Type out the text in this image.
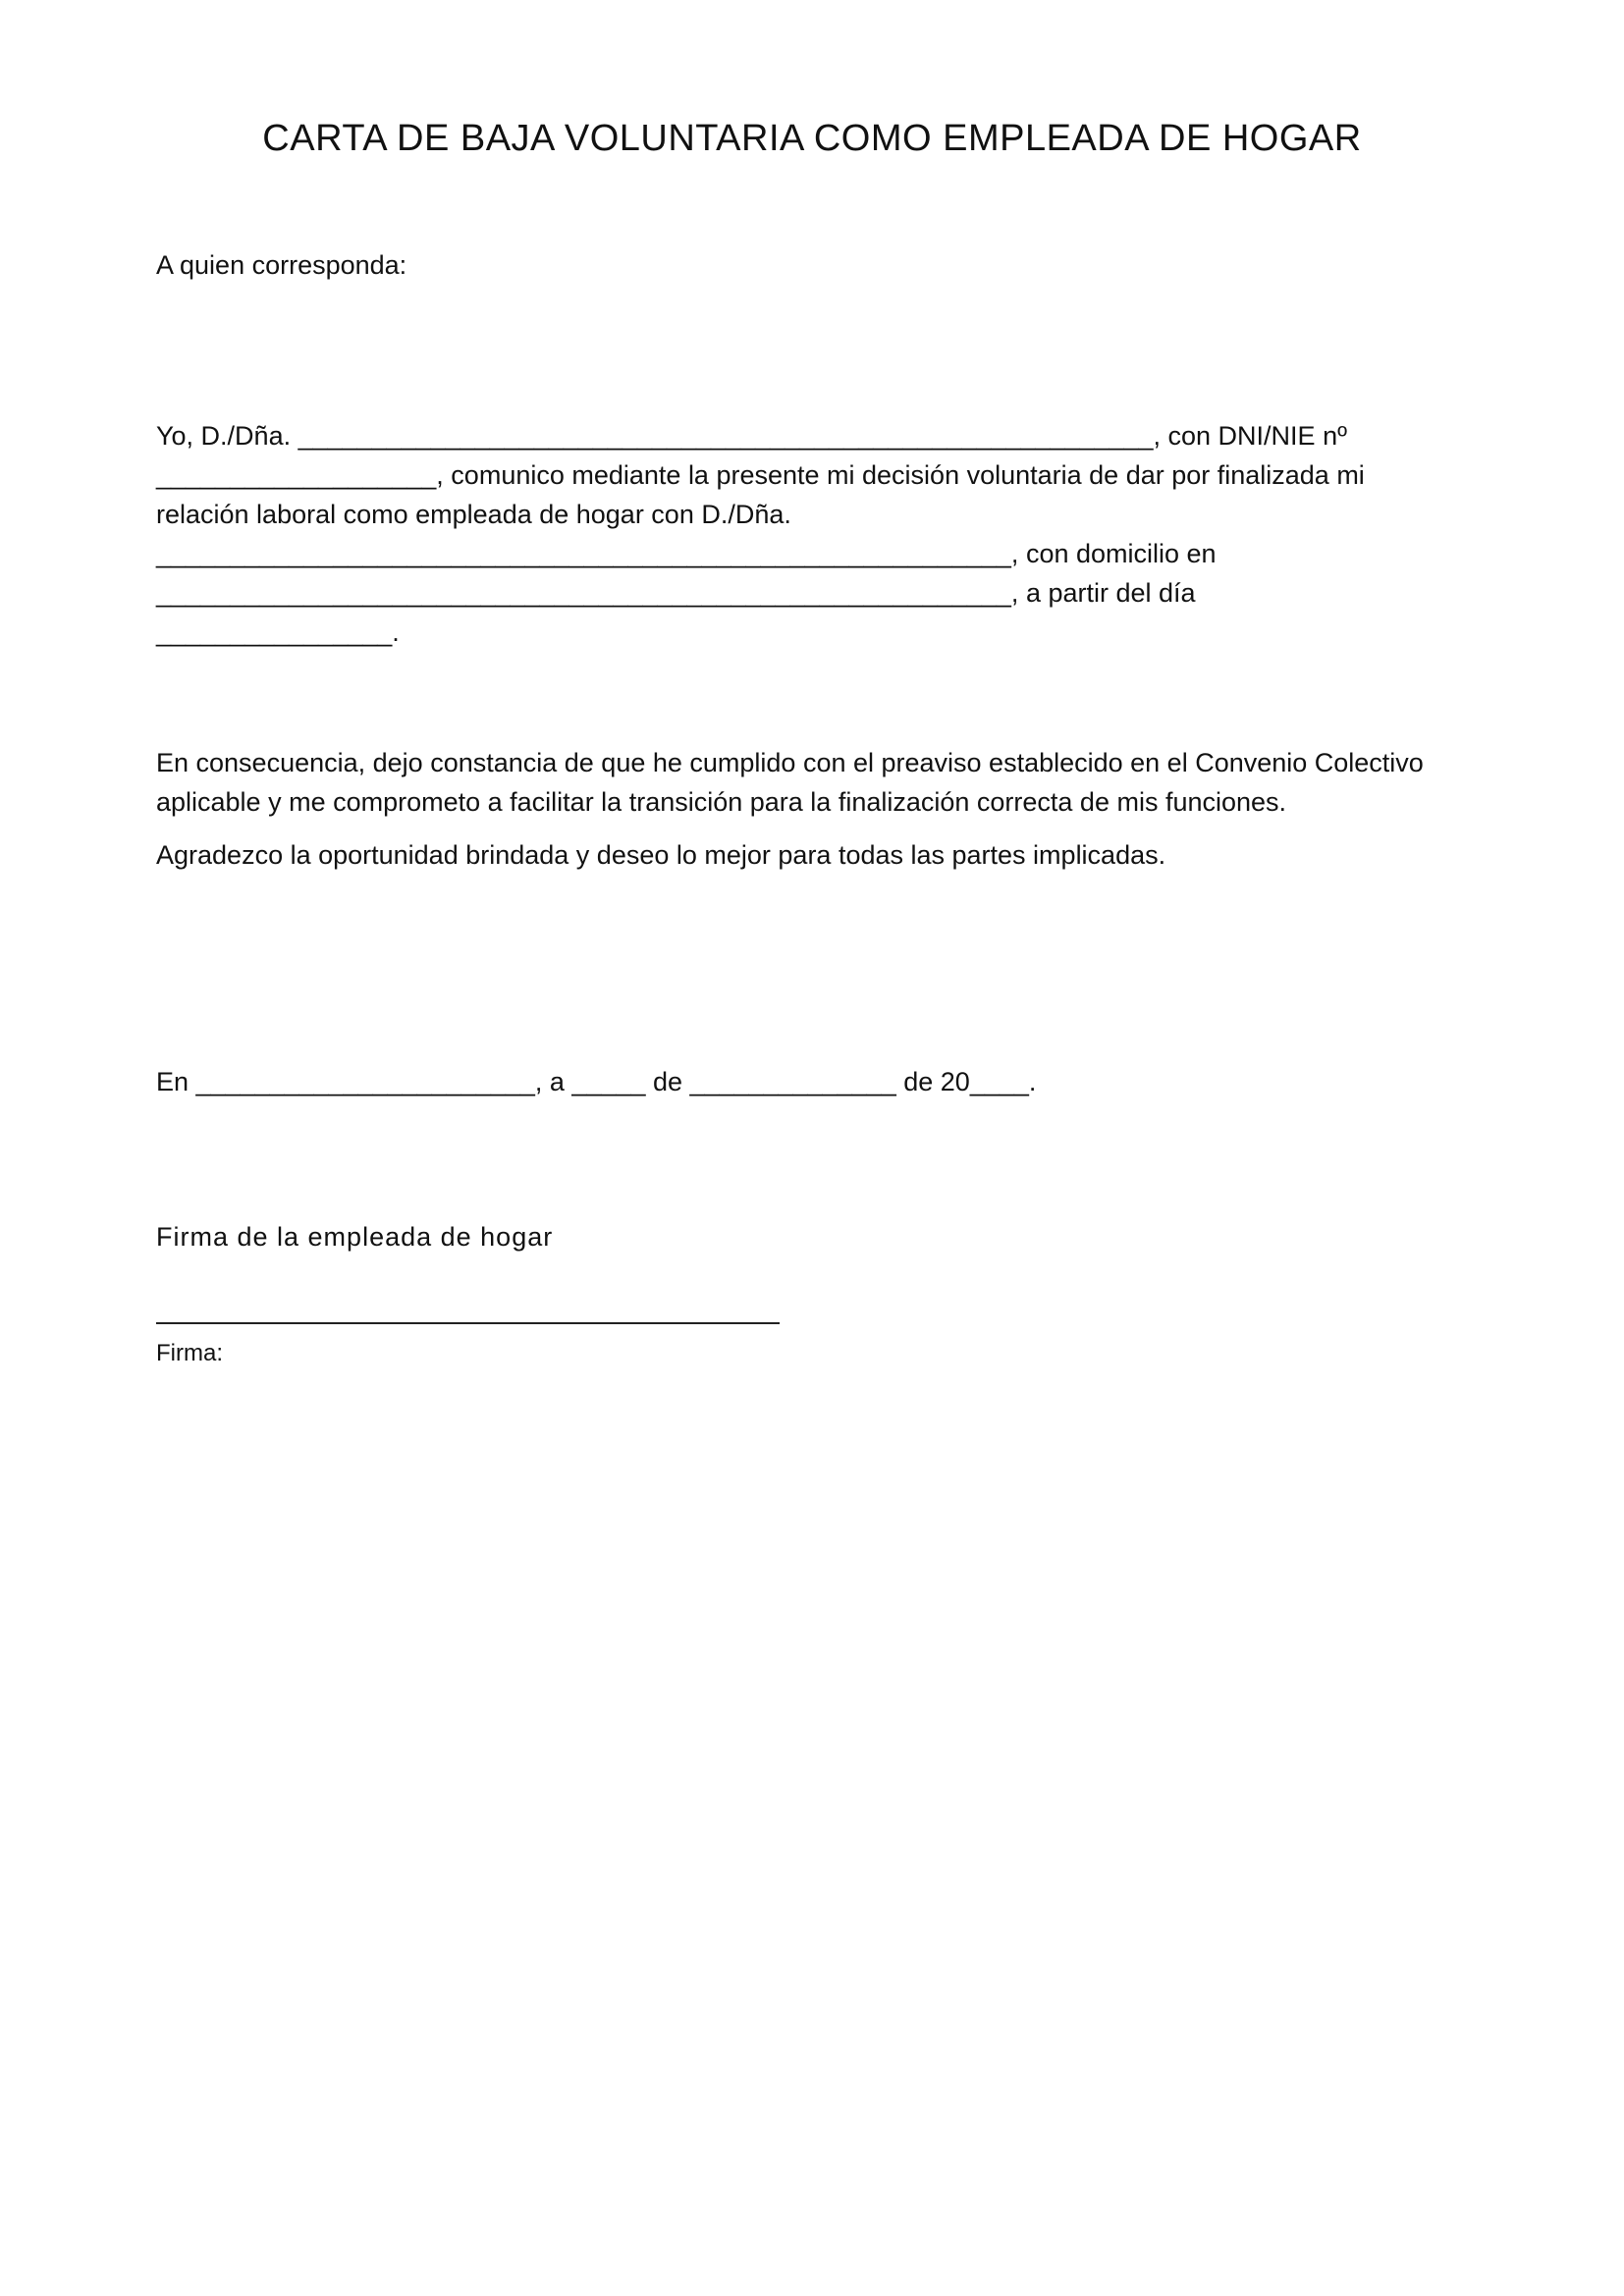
CARTA DE BAJA VOLUNTARIA COMO EMPLEADA DE HOGAR

A quien corresponda:

Yo, D./Dña. __________________________________________________________, con DNI/NIE nº
___________________, comunico mediante la presente mi decisión voluntaria de dar por finalizada mi
relación laboral como empleada de hogar con D./Dña.
__________________________________________________________, con domicilio en
__________________________________________________________, a partir del día
________________.

En consecuencia, dejo constancia de que he cumplido con el preaviso establecido en el Convenio Colectivo
aplicable y me comprometo a facilitar la transición para la finalización correcta de mis funciones.

Agradezco la oportunidad brindada y deseo lo mejor para todas las partes implicadas.

En _______________________, a _____ de ______________ de 20____.

Firma de la empleada de hogar

Firma:
